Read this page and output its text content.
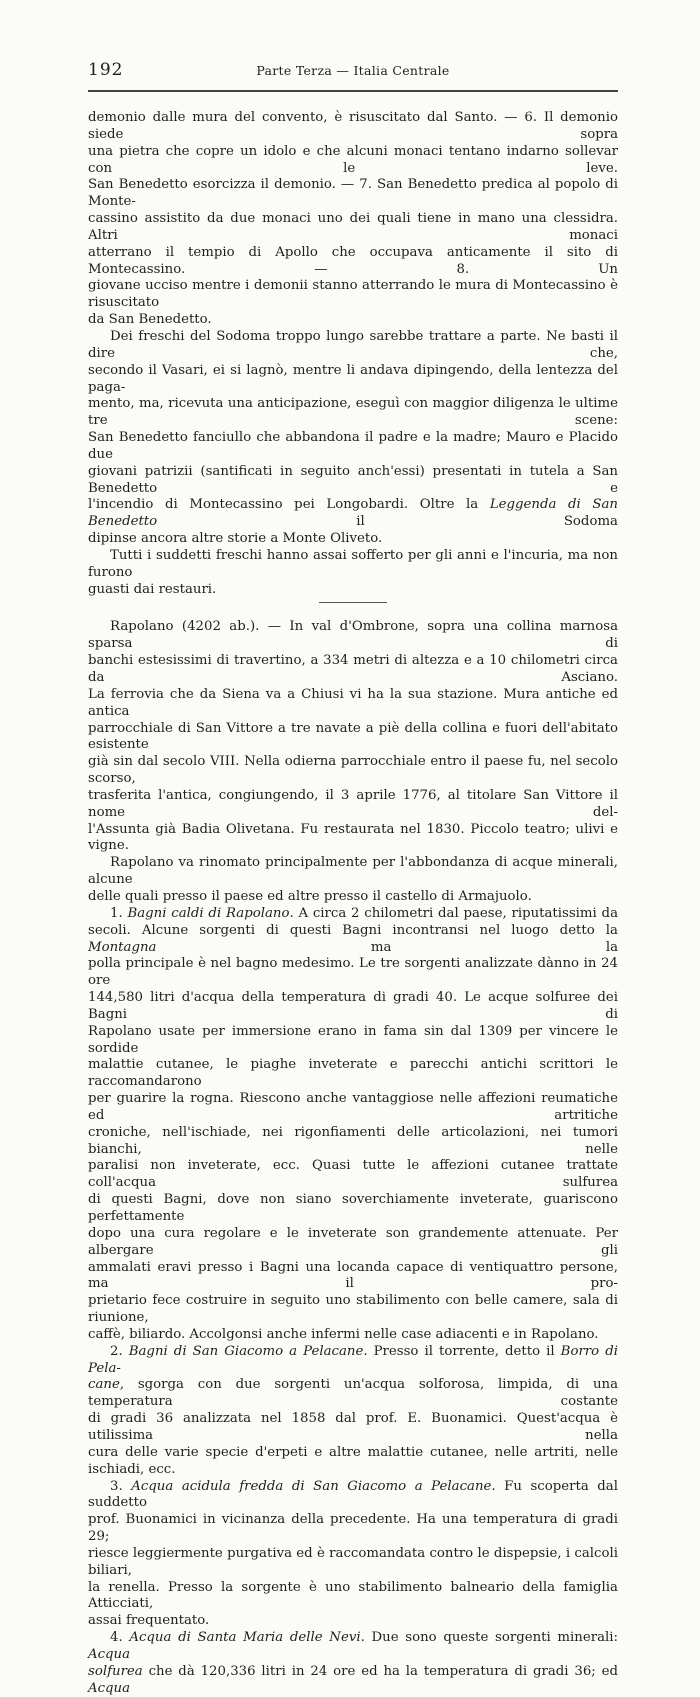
192	Parte Terza — Italia Centrale

demonio dalle mura del convento, è risuscitato dal Santo. — 6. Il demonio siede sopra

una pietra che copre un idolo e che alcuni monaci tentano indarno sollevar con le leve.

San Benedetto esorcizza il demonio. — 7. San Benedetto predica al popolo di Monte-

cassino assistito da due monaci uno dei quali tiene in mano una clessidra. Altri monaci

atterrano il tempio di Apollo che occupava anticamente il sito di Montecassino. — 8. Un

giovane ucciso mentre i demonii stanno atterrando le mura di Montecassino è risuscitato

da San Benedetto.

Dei freschi del Sodoma troppo lungo sarebbe trattare a parte. Ne basti il dire che,

secondo il Vasari, ei si lagnò, mentre li andava dipingendo, della lentezza del paga-

mento, ma, ricevuta una anticipazione, eseguì con maggior diligenza le ultime tre scene:

San Benedetto fanciullo che abbandona il padre e la madre; Mauro e Placido due

giovani patrizii (santificati in seguito anch'essi) presentati in tutela a San Benedetto e

l'incendio di Montecassino pei Longobardi. Oltre la Leggenda di San Benedetto il Sodoma

dipinse ancora altre storie a Monte Oliveto.

Tutti i suddetti freschi hanno assai sofferto per gli anni e l'incuria, ma non furono

guasti dai restauri.

Rapolano (4202 ab.). — In val d'Ombrone, sopra una collina marnosa sparsa di

banchi estesissimi di travertino, a 334 metri di altezza e a 10 chilometri circa da Asciano.

La ferrovia che da Siena va a Chiusi vi ha la sua stazione. Mura antiche ed antica

parrocchiale di San Vittore a tre navate a piè della collina e fuori dell'abitato esistente

già sin dal secolo VIII. Nella odierna parrocchiale entro il paese fu, nel secolo scorso,

trasferita l'antica, congiungendo, il 3 aprile 1776, al titolare San Vittore il nome del-

l'Assunta già Badia Olivetana. Fu restaurata nel 1830. Piccolo teatro; ulivi e vigne.

Rapolano va rinomato principalmente per l'abbondanza di acque minerali, alcune

delle quali presso il paese ed altre presso il castello di Armajuolo.

1. Bagni caldi di Rapolano. A circa 2 chilometri dal paese, riputatissimi da

secoli. Alcune sorgenti di questi Bagni incontransi nel luogo detto la Montagna ma la

polla principale è nel bagno medesimo. Le tre sorgenti analizzate dànno in 24 ore

144,580 litri d'acqua della temperatura di gradi 40. Le acque solfuree dei Bagni di

Rapolano usate per immersione erano in fama sin dal 1309 per vincere le sordide

malattie cutanee, le piaghe inveterate e parecchi antichi scrittori le raccomandarono

per guarire la rogna. Riescono anche vantaggiose nelle affezioni reumatiche ed artritiche

croniche, nell'ischiade, nei rigonfiamenti delle articolazioni, nei tumori bianchi, nelle

paralisi non inveterate, ecc. Quasi tutte le affezioni cutanee trattate coll'acqua sulfurea

di questi Bagni, dove non siano soverchiamente inveterate, guariscono perfettamente

dopo una cura regolare e le inveterate son grandemente attenuate. Per albergare gli

ammalati eravi presso i Bagni una locanda capace di ventiquattro persone, ma il pro-

prietario fece costruire in seguito uno stabilimento con belle camere, sala di riunione,

caffè, biliardo. Accolgonsi anche infermi nelle case adiacenti e in Rapolano.

2. Bagni di San Giacomo a Pelacane. Presso il torrente, detto il Borro di Pela-

cane, sgorga con due sorgenti un'acqua solforosa, limpida, di una temperatura costante

di gradi 36 analizzata nel 1858 dal prof. E. Buonamici. Quest'acqua è utilissima nella

cura delle varie specie d'erpeti e altre malattie cutanee, nelle artriti, nelle ischiadi, ecc.

3. Acqua acidula fredda di San Giacomo a Pelacane. Fu scoperta dal suddetto

prof. Buonamici in vicinanza della precedente. Ha una temperatura di gradi 29;

riesce leggiermente purgativa ed è raccomandata contro le dispepsie, i calcoli biliari,

la renella. Presso la sorgente è uno stabilimento balneario della famiglia Atticciati,

assai frequentato.

4. Acqua di Santa Maria delle Nevi. Due sono queste sorgenti minerali: Acqua

solfurea che dà 120,336 litri in 24 ore ed ha la temperatura di gradi 36; ed Acqua
